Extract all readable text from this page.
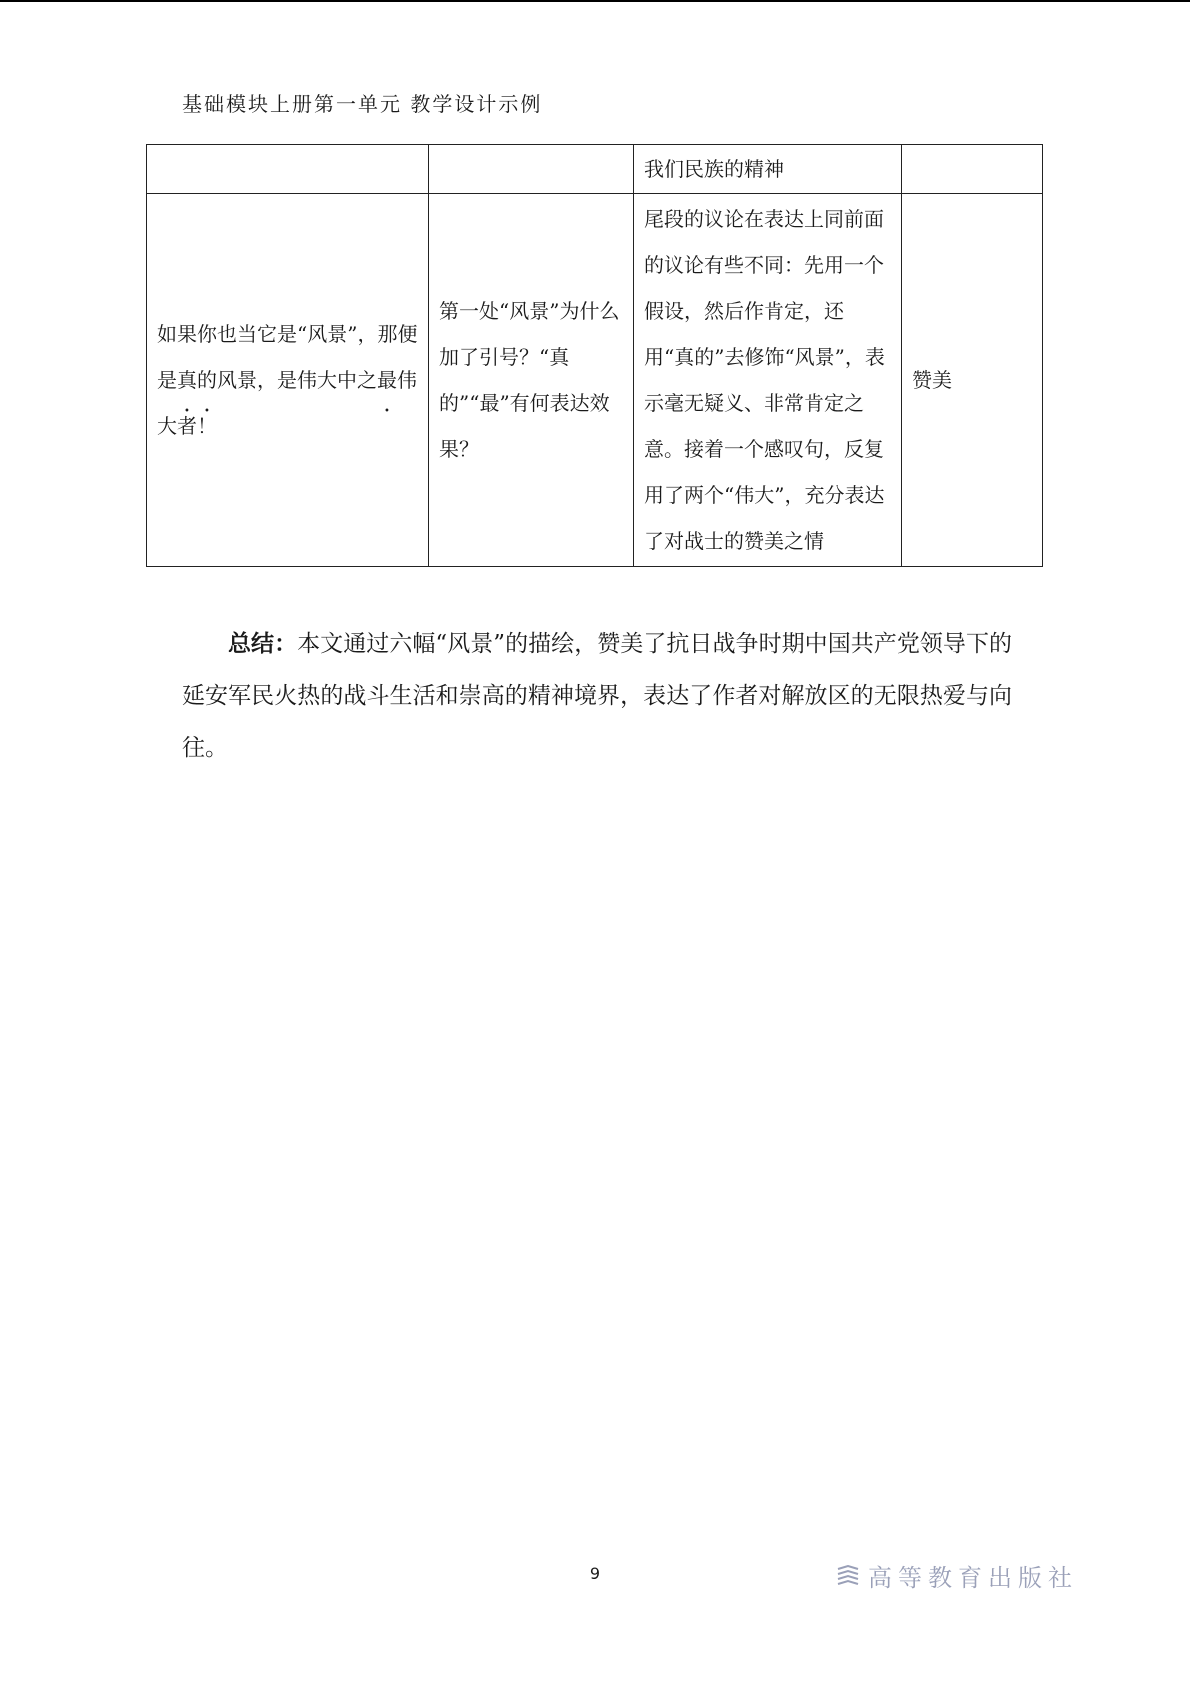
基础模块上册第一单元 教学设计示例
		我们民族的精神	

如果你也当它是“风景”，那便是真的风景，是伟大中之最伟大者！	第一处“风景”为什么加了引号？“真的”“最”有何表达效果？	尾段的议论在表达上同前面的议论有些不同：先用一个假设，然后作肯定，还用“真的”去修饰“风景”，表示毫无疑义、非常肯定之意。接着一个感叹句，反复用了两个“伟大”，充分表达了对战士的赞美之情	赞美
总结：本文通过六幅“风景”的描绘，赞美了抗日战争时期中国共产党领导下的延安军民火热的战斗生活和崇高的精神境界，表达了作者对解放区的无限热爱与向往。
9	高等教育出版社
